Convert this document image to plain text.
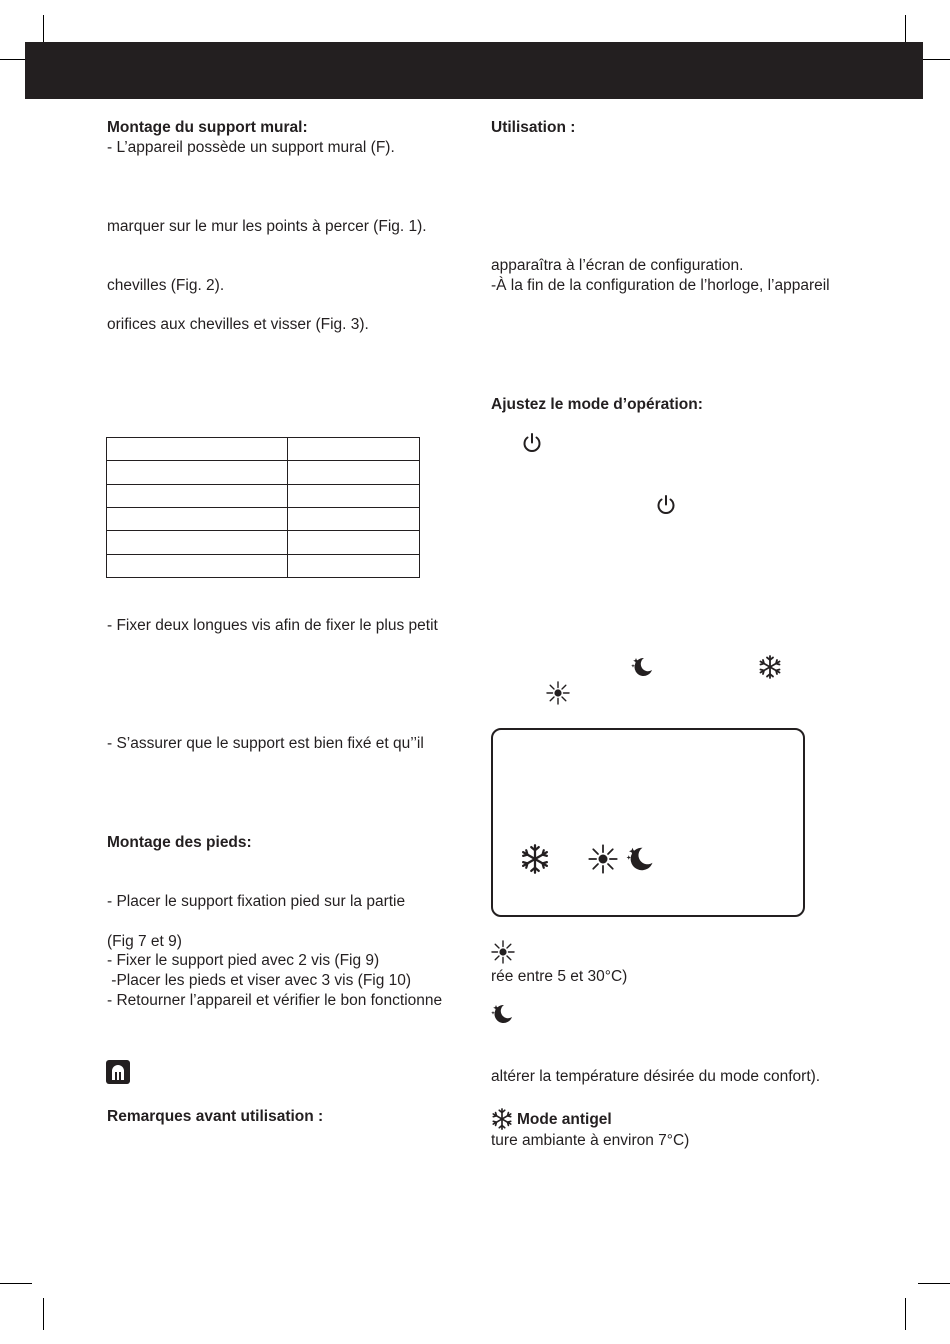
Montage du support mural:
- L’appareil possède un support mural (F).
marquer sur le mur les points à percer (Fig. 1).
chevilles (Fig. 2).
orifices aux chevilles et visser (Fig. 3).

- Fixer deux longues vis afin de fixer le plus petit
- S’assurer que le support est bien fixé et qu’’il
Montage des pieds:
- Placer le support fixation pied sur la partie
(Fig 7 et 9)
- Fixer le support pied avec 2 vis (Fig 9)
-Placer les pieds et viser avec 3 vis (Fig 10)
- Retourner l’appareil et vérifier le bon fonctionne
Remarques avant utilisation :
Utilisation :
apparaîtra à l’écran de configuration.
-À la fin de la configuration de l’horloge, l’appareil
Ajustez le mode d’opération:
rée entre 5 et 30°C)
altérer la température désirée du mode confort).
Mode antigel
ture ambiante à environ 7°C)
